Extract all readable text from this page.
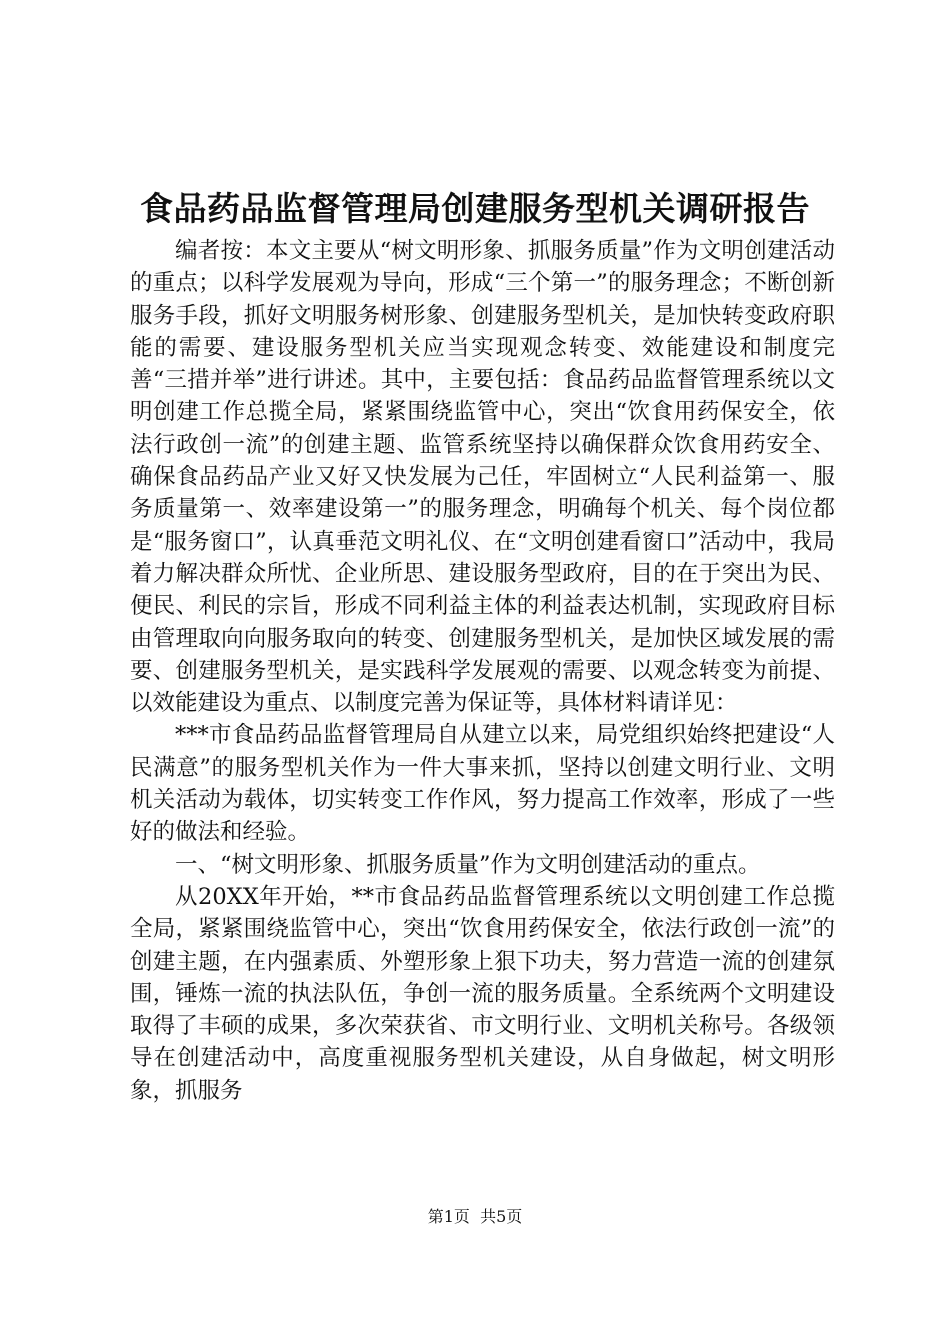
食品药品监督管理局创建服务型机关调研报告

编者按：本文主要从“树文明形象、抓服务质量”作为文明创建活动的重点；以科学发展观为导向，形成“三个第一”的服务理念；不断创新服务手段，抓好文明服务树形象、创建服务型机关，是加快转变政府职能的需要、建设服务型机关应当实现观念转变、效能建设和制度完善“三措并举”进行讲述。其中，主要包括：食品药品监督管理系统以文明创建工作总揽全局，紧紧围绕监管中心，突出“饮食用药保安全，依法行政创一流”的创建主题、监管系统坚持以确保群众饮食用药安全、确保食品药品产业又好又快发展为己任，牢固树立“人民利益第一、服务质量第一、效率建设第一”的服务理念，明确每个机关、每个岗位都是“服务窗口”，认真垂范文明礼仪、在“文明创建看窗口”活动中，我局着力解决群众所忧、企业所思、建设服务型政府，目的在于突出为民、便民、利民的宗旨，形成不同利益主体的利益表达机制，实现政府目标由管理取向向服务取向的转变、创建服务型机关，是加快区域发展的需要、创建服务型机关，是实践科学发展观的需要、以观念转变为前提、以效能建设为重点、以制度完善为保证等，具体材料请详见：

***市食品药品监督管理局自从建立以来，局党组织始终把建设“人民满意”的服务型机关作为一件大事来抓，坚持以创建文明行业、文明机关活动为载体，切实转变工作作风，努力提高工作效率，形成了一些好的做法和经验。

一、“树文明形象、抓服务质量”作为文明创建活动的重点。

从20XX年开始，**市食品药品监督管理系统以文明创建工作总揽全局，紧紧围绕监管中心，突出“饮食用药保安全，依法行政创一流”的创建主题，在内强素质、外塑形象上狠下功夫，努力营造一流的创建氛围，锤炼一流的执法队伍，争创一流的服务质量。全系统两个文明建设取得了丰硕的成果，多次荣获省、市文明行业、文明机关称号。各级领导在创建活动中，高度重视服务型机关建设，从自身做起，树文明形象，抓服务

第1页 共5页
